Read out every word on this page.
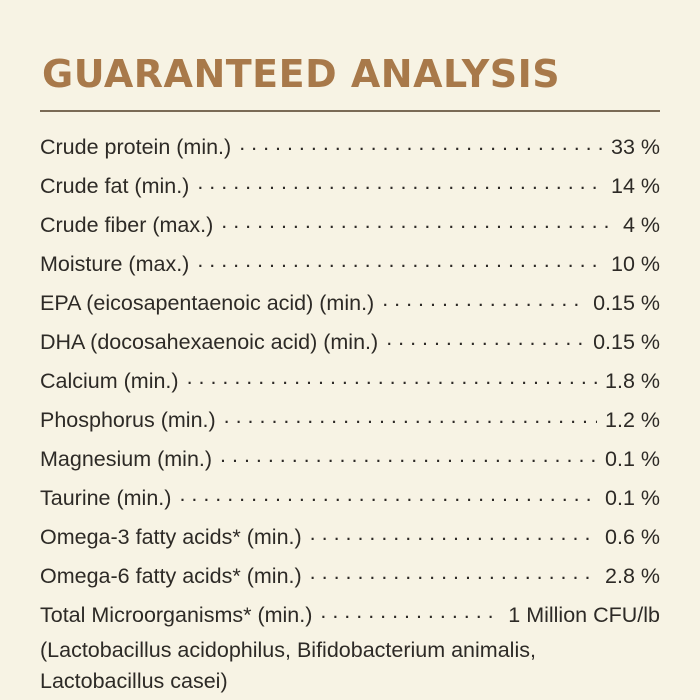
GUARANTEED ANALYSIS
Crude protein (min.) . . .	33 %
Crude fat (min.) . . .	14 %
Crude fiber (max.) . . .	4 %
Moisture (max.) . . .	10 %
EPA (eicosapentaenoic acid) (min.) . . .	0.15 %
DHA (docosahexaenoic acid) (min.) . . .	0.15 %
Calcium (min.) . . .	1.8 %
Phosphorus (min.) . . .	1.2 %
Magnesium (min.) . . .	0.1 %
Taurine (min.) . . .	0.1 %
Omega-3 fatty acids* (min.) . . .	0.6 %
Omega-6 fatty acids* (min.) . . .	2.8 %
Total Microorganisms* (min.) . . .	1 Million CFU/lb
(Lactobacillus acidophilus, Bifidobacterium animalis,
Lactobacillus casei)
